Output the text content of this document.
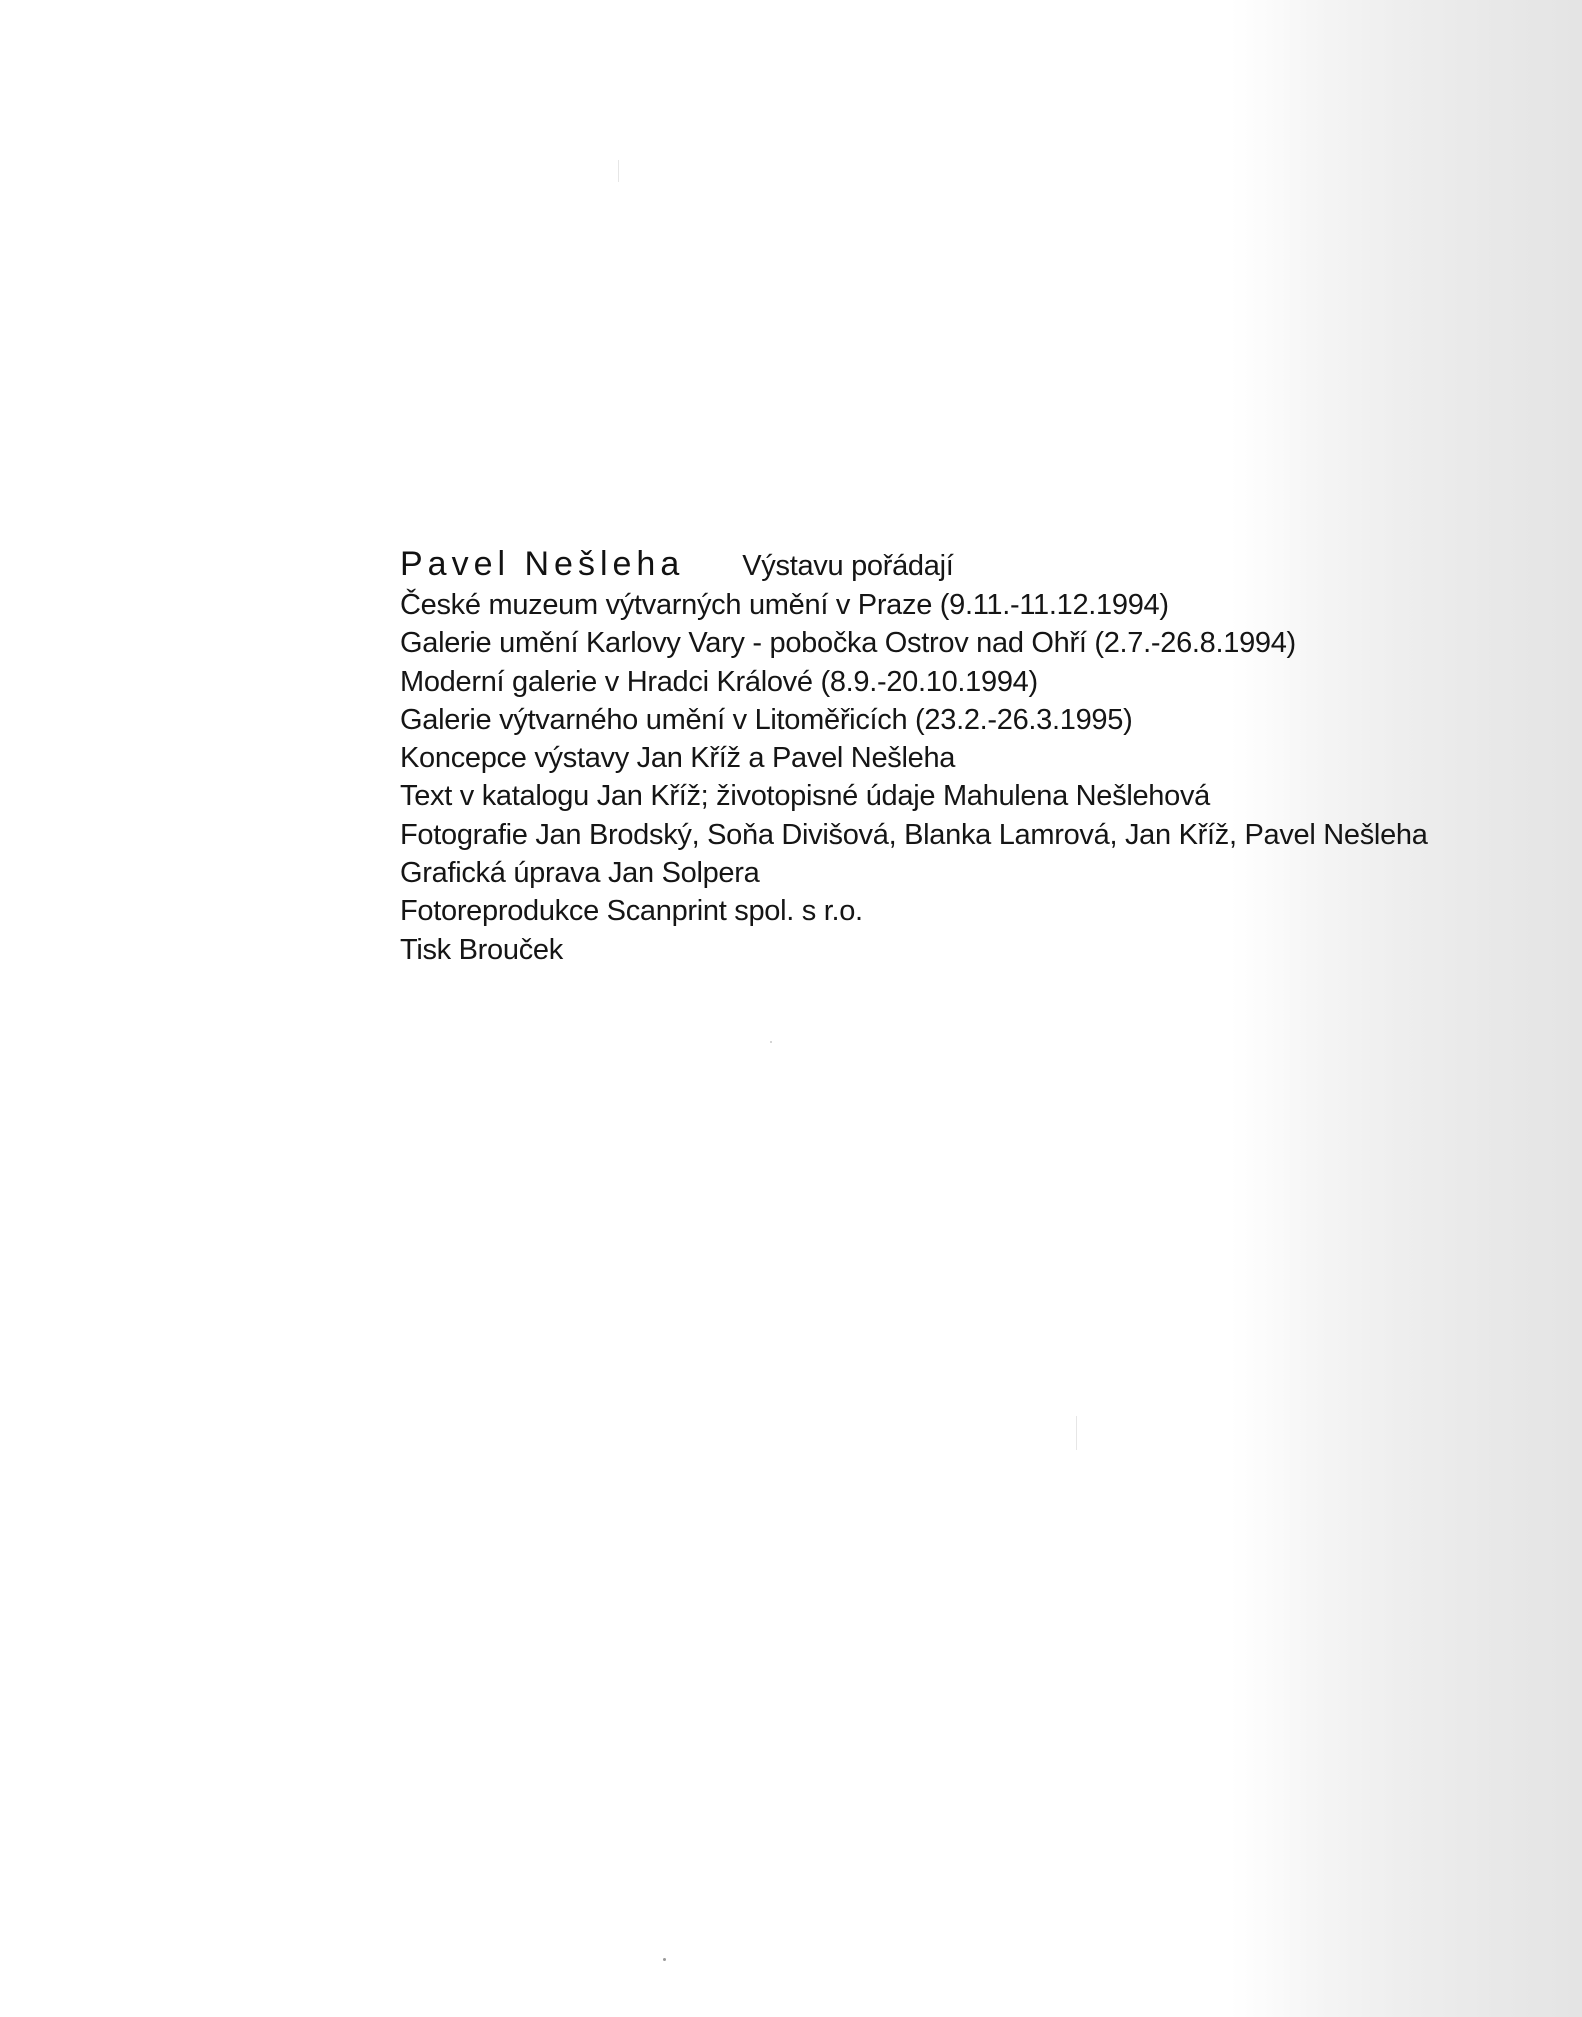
Pavel Nešleha Výstavu pořádají
České muzeum výtvarných umění v Praze (9.11.-11.12.1994)
Galerie umění Karlovy Vary - pobočka Ostrov nad Ohří (2.7.-26.8.1994)
Moderní galerie v Hradci Králové (8.9.-20.10.1994)
Galerie výtvarného umění v Litoměřicích (23.2.-26.3.1995)
Koncepce výstavy Jan Kříž a Pavel Nešleha
Text v katalogu Jan Kříž; životopisné údaje Mahulena Nešlehová
Fotografie Jan Brodský, Soňa Divišová, Blanka Lamrová, Jan Kříž, Pavel Nešleha
Grafická úprava Jan Solpera
Fotoreprodukce Scanprint spol. s r.o.
Tisk Brouček
